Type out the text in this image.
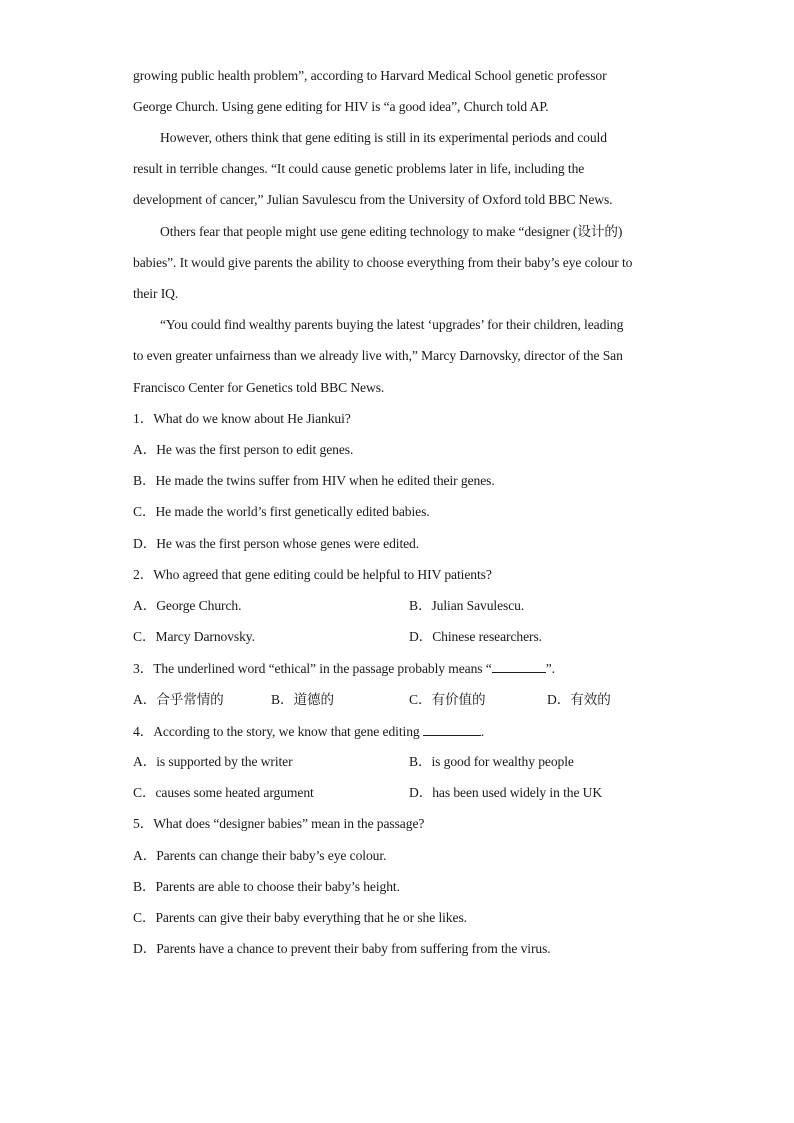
growing public health problem”, according to Harvard Medical School genetic professor
George Church. Using gene editing for HIV is “a good idea”, Church told AP.
However, others think that gene editing is still in its experimental periods and could
result in terrible changes. “It could cause genetic problems later in life, including the
development of cancer,” Julian Savulescu from the University of Oxford told BBC News.
Others fear that people might use gene editing technology to make “designer (设计的)
babies”. It would give parents the ability to choose everything from their baby’s eye colour to
their IQ.
“You could find wealthy parents buying the latest ‘upgrades’ for their children, leading
to even greater unfairness than we already live with,” Marcy Darnovsky, director of the San
Francisco Center for Genetics told BBC News.
1．What do we know about He Jiankui?
A．He was the first person to edit genes.
B．He made the twins suffer from HIV when he edited their genes.
C．He made the world’s first genetically edited babies.
D．He was the first person whose genes were edited.
2．Who agreed that gene editing could be helpful to HIV patients?
A．George Church.	B．Julian Savulescu.
C．Marcy Darnovsky.	D．Chinese researchers.
3．The underlined word “ethical” in the passage probably means “	”.
A．合乎常情的	B．道德的	C．有价值的	D．有效的
4．According to the story, we know that gene editing	.
A．is supported by the writer	B．is good for wealthy people
C．causes some heated argument	D．has been used widely in the UK
5．What does “designer babies” mean in the passage?
A．Parents can change their baby’s eye colour.
B．Parents are able to choose their baby’s height.
C．Parents can give their baby everything that he or she likes.
D．Parents have a chance to prevent their baby from suffering from the virus.
